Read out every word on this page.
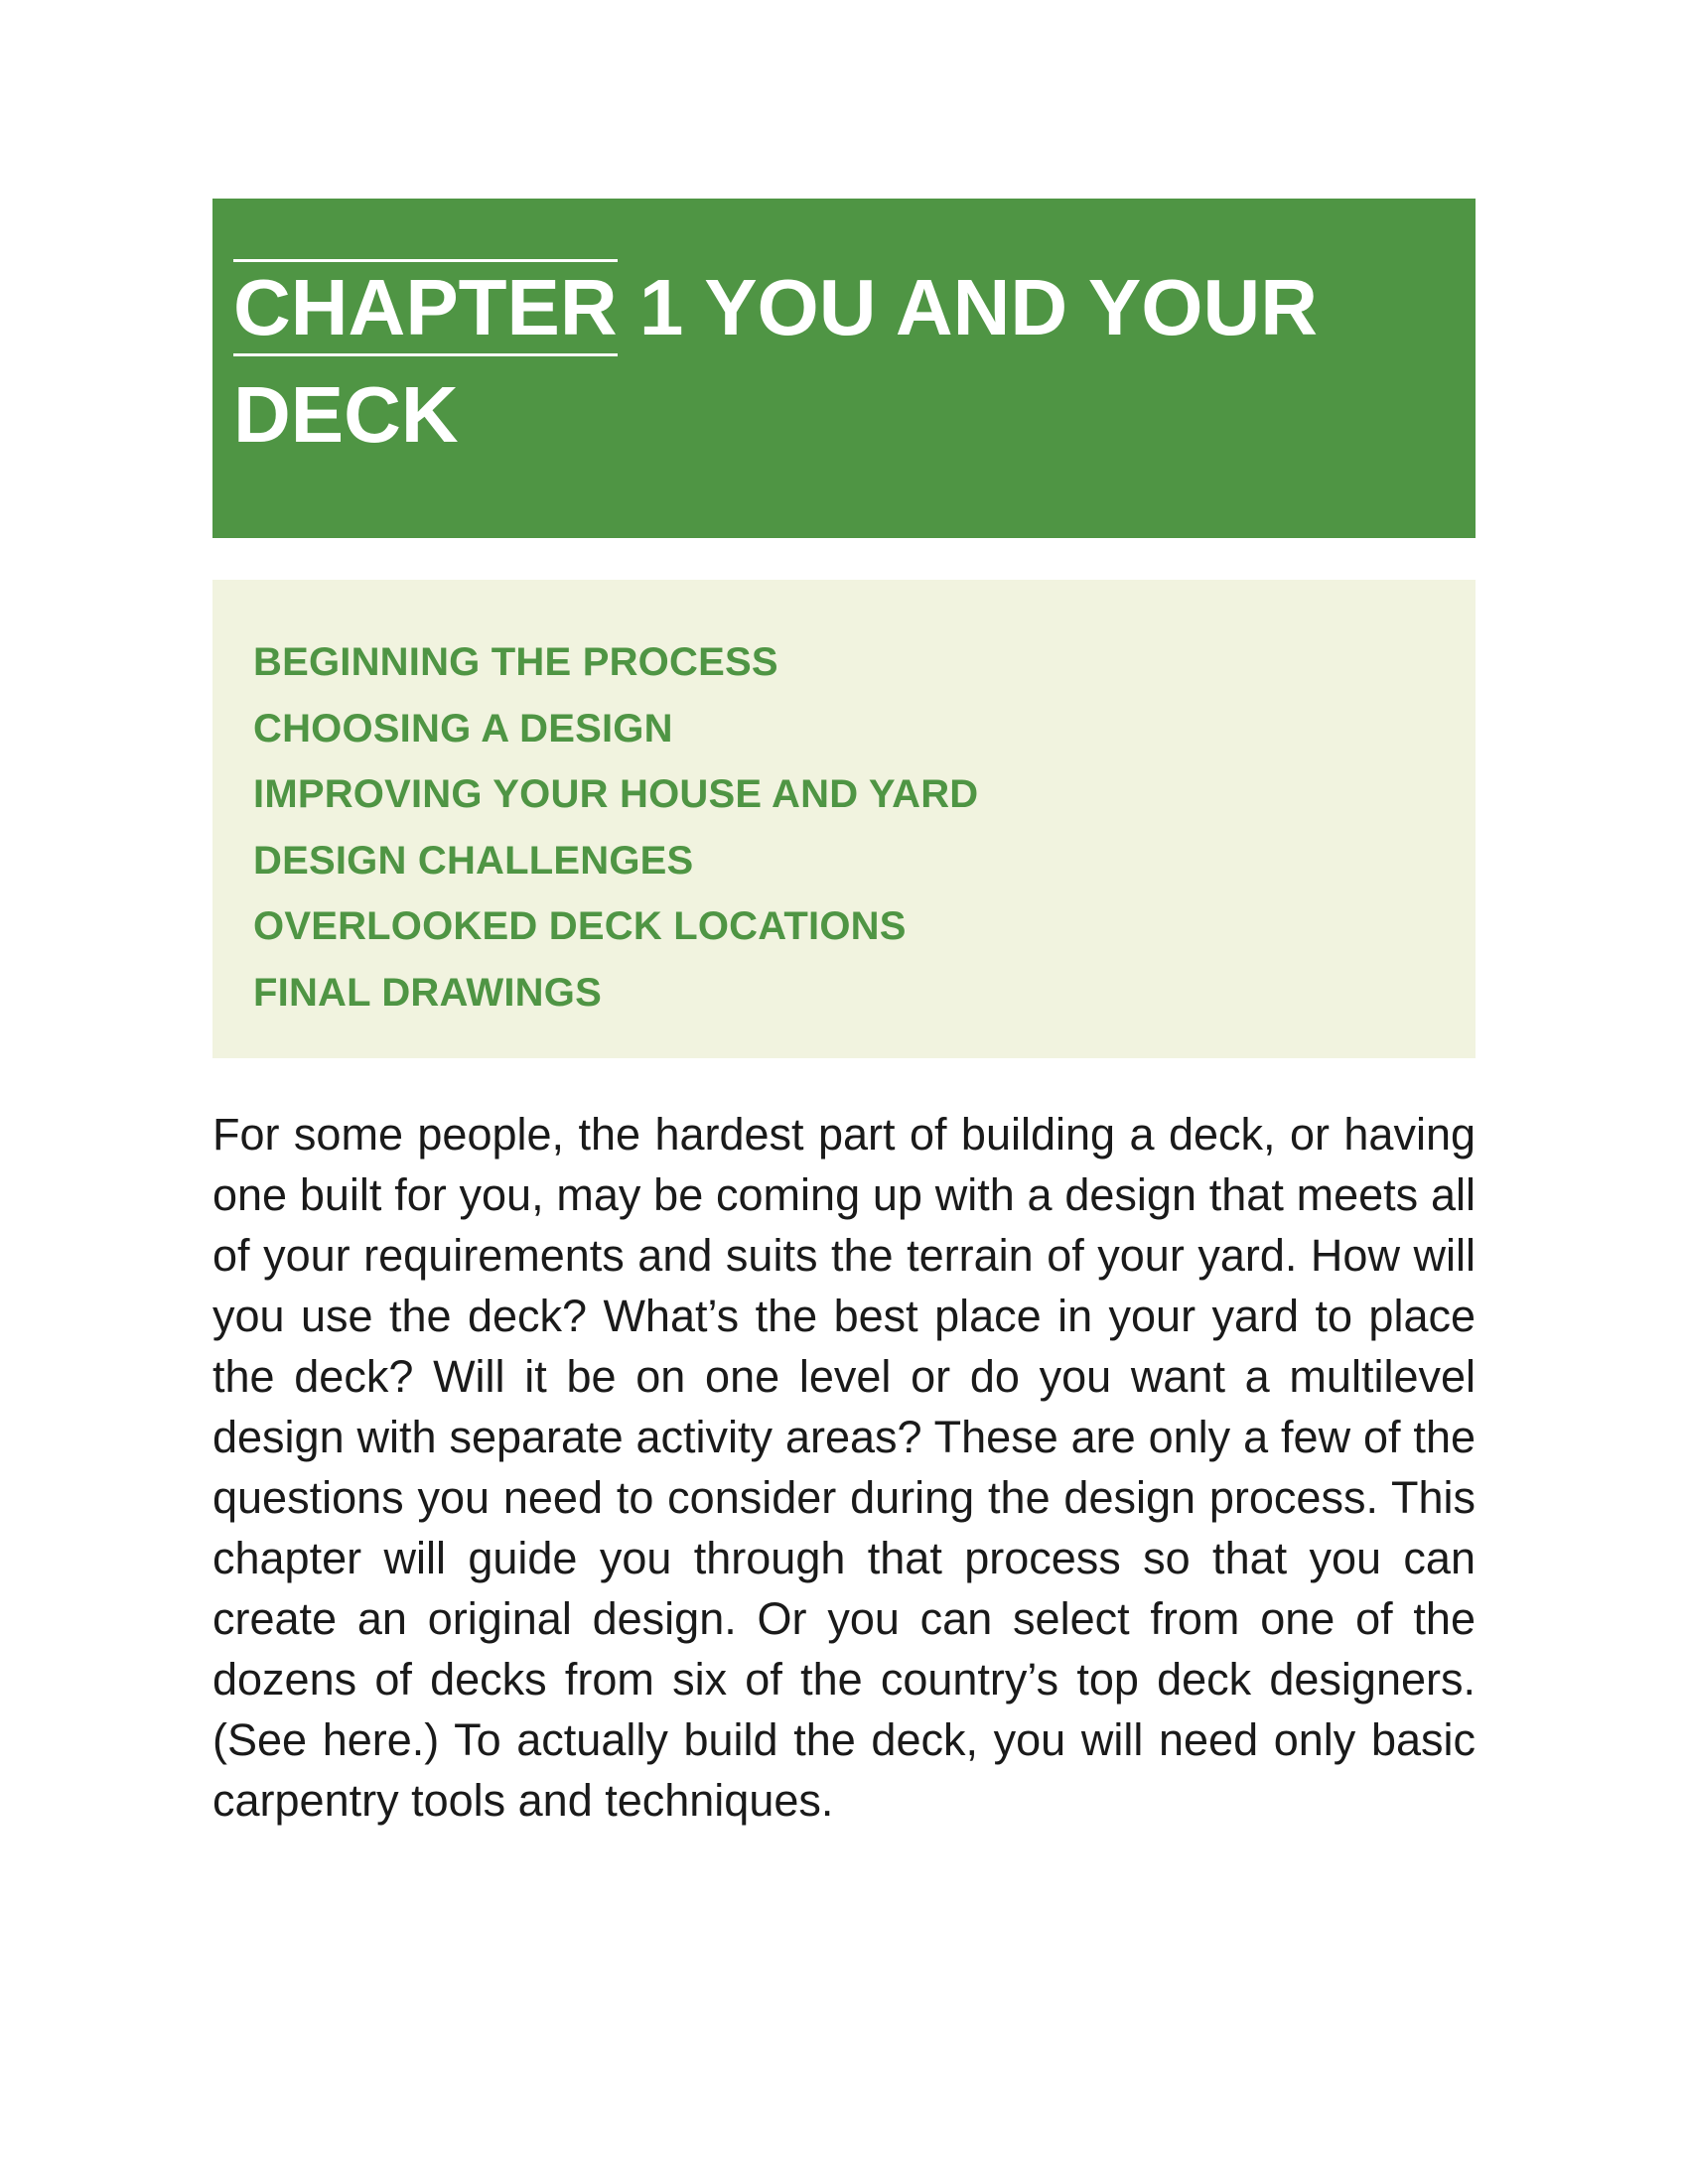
CHAPTER 1 YOU AND YOUR DECK
BEGINNING THE PROCESS
CHOOSING A DESIGN
IMPROVING YOUR HOUSE AND YARD
DESIGN CHALLENGES
OVERLOOKED DECK LOCATIONS
FINAL DRAWINGS

For some people, the hardest part of building a deck, or having one built for you, may be coming up with a design that meets all of your requirements and suits the terrain of your yard. How will you use the deck? What’s the best place in your yard to place the deck? Will it be on one level or do you want a multilevel design with separate activity areas? These are only a few of the questions you need to consider during the design process. This chapter will guide you through that process so that you can create an original design. Or you can select from one of the dozens of decks from six of the country’s top deck designers. (See here.) To actually build the deck, you will need only basic carpentry tools and techniques.
